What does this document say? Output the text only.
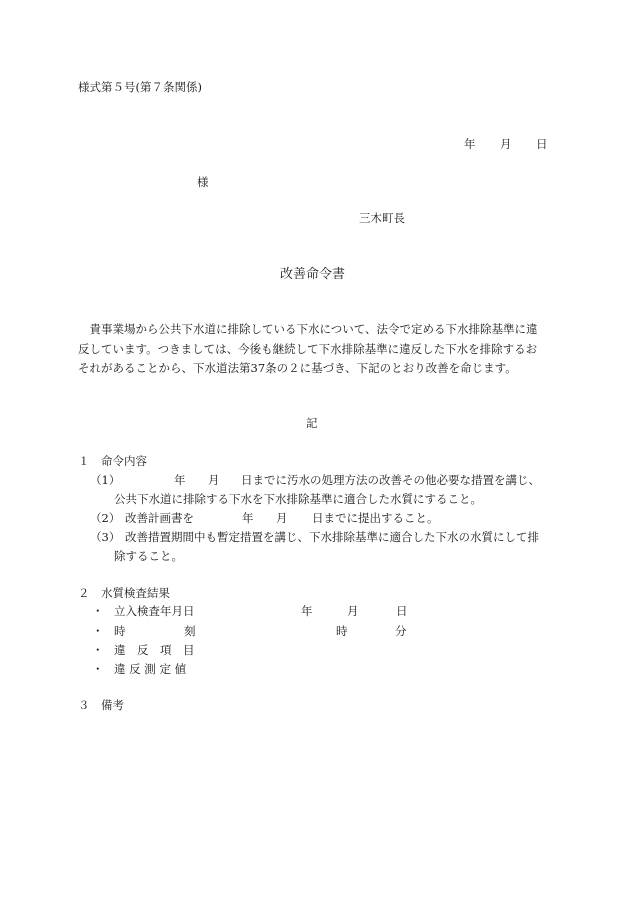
様式第５号(第７条関係)
年 月 日
様
三木町長
改善命令書
　貴事業場から公共下水道に排除している下水について、法令で定める下水排除基準に違
反しています。つきましては、今後も継続して下水排除基準に違反した下水を排除するお
それがあることから、下水道法第37条の２に基づき、下記のとおり改善を命じます。
記
１　命令内容
（1）	年 月 日までに汚水の処理方法の改善その他必要な措置を講じ、
公共下水道に排除する下水を下水排除基準に適合した水質にすること。
（2） 改善計画書を	年 月 日までに提出すること。
（3） 改善措置期間中も暫定措置を講じ、下水排除基準に適合した下水の水質にして排
除すること。
２　水質検査結果
・ 立入検査年月日	年	月	日
・ 時	刻	時	分
・ 違　反　項　目
・ 違 反 測 定 値
３　備考
